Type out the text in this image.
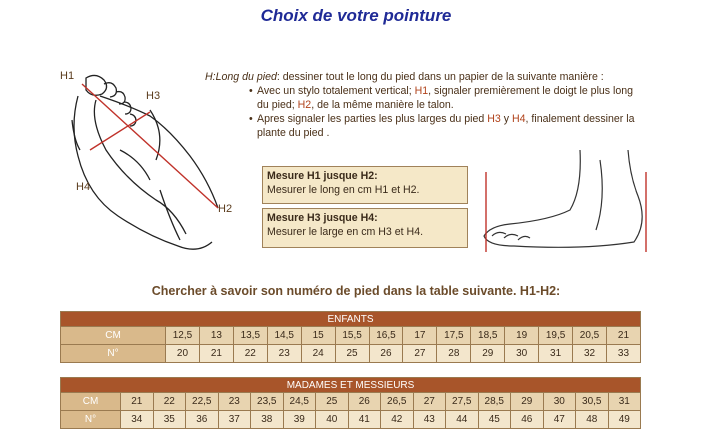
Choix de votre pointure
H1
H3
H4
H2
H:Long du pied: dessiner tout le long du pied dans un papier de la suivante manière :
• Avec un stylo totalement vertical; H1, signaler premièrement le doigt le plus long du pied; H2, de la même manière le talon.
• Apres signaler les parties les plus larges du pied H3 y H4, finalement dessiner la plante du pied .
Mesure H1 jusque H2:
Mesurer le long en cm H1 et H2.
Mesure H3 jusque H4:
Mesurer le large en cm H3 et H4.
Chercher à savoir son numéro de pied dans la table suivante. H1-H2:
ENFANTS														
CM	12,5	13	13,5	14,5	15	15,5	16,5	17	17,5	18,5	19	19,5	20,5	21
N°	20	21	22	23	24	25	26	27	28	29	30	31	32	33
MADAMES ET MESSIEURS																
CM	21	22	22,5	23	23,5	24,5	25	26	26,5	27	27,5	28,5	29	30	30,5	31
N°	34	35	36	37	38	39	40	41	42	43	44	45	46	47	48	49
